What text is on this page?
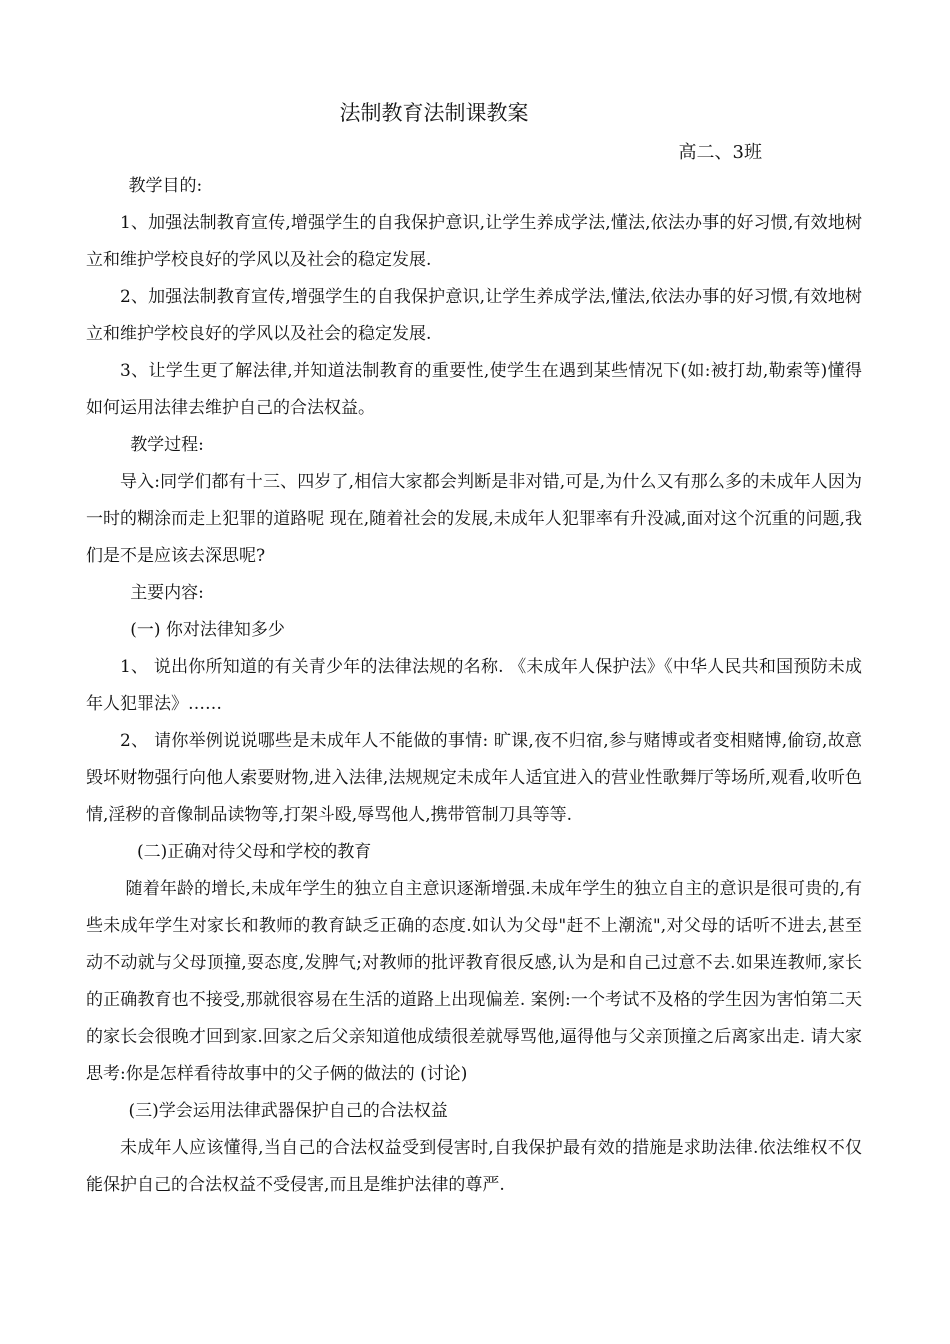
法制教育法制课教案
高二、3班
教学目的:

1、加强法制教育宣传,增强学生的自我保护意识,让学生养成学法,懂法,依法办事的好习惯,有效地树立和维护学校良好的学风以及社会的稳定发展.

2、加强法制教育宣传,增强学生的自我保护意识,让学生养成学法,懂法,依法办事的好习惯,有效地树立和维护学校良好的学风以及社会的稳定发展.

3、让学生更了解法律,并知道法制教育的重要性,使学生在遇到某些情况下(如:被打劫,勒索等)懂得如何运用法律去维护自己的合法权益。

教学过程:

导入:同学们都有十三、四岁了,相信大家都会判断是非对错,可是,为什么又有那么多的未成年人因为一时的糊涂而走上犯罪的道路呢 现在,随着社会的发展,未成年人犯罪率有升没减,面对这个沉重的问题,我们是不是应该去深思呢?

主要内容:
(一) 你对法律知多少

1、 说出你所知道的有关青少年的法律法规的名称. 《未成年人保护法》《中华人民共和国预防未成年人犯罪法》……

2、 请你举例说说哪些是未成年人不能做的事情: 旷课,夜不归宿,参与赌博或者变相赌博,偷窃,故意毁坏财物强行向他人索要财物,进入法律,法规规定未成年人适宜进入的营业性歌舞厅等场所,观看,收听色情,淫秽的音像制品读物等,打架斗殴,辱骂他人,携带管制刀具等等.

(二)正确对待父母和学校的教育

随着年龄的增长,未成年学生的独立自主意识逐渐增强.未成年学生的独立自主的意识是很可贵的,有些未成年学生对家长和教师的教育缺乏正确的态度.如认为父母"赶不上潮流",对父母的话听不进去,甚至动不动就与父母顶撞,耍态度,发脾气;对教师的批评教育很反感,认为是和自己过意不去.如果连教师,家长的正确教育也不接受,那就很容易在生活的道路上出现偏差. 案例:一个考试不及格的学生因为害怕第二天的家长会很晚才回到家.回家之后父亲知道他成绩很差就辱骂他,逼得他与父亲顶撞之后离家出走. 请大家思考:你是怎样看待故事中的父子俩的做法的 (讨论)

(三)学会运用法律武器保护自己的合法权益

未成年人应该懂得,当自己的合法权益受到侵害时,自我保护最有效的措施是求助法律.依法维权不仅能保护自己的合法权益不受侵害,而且是维护法律的尊严.
